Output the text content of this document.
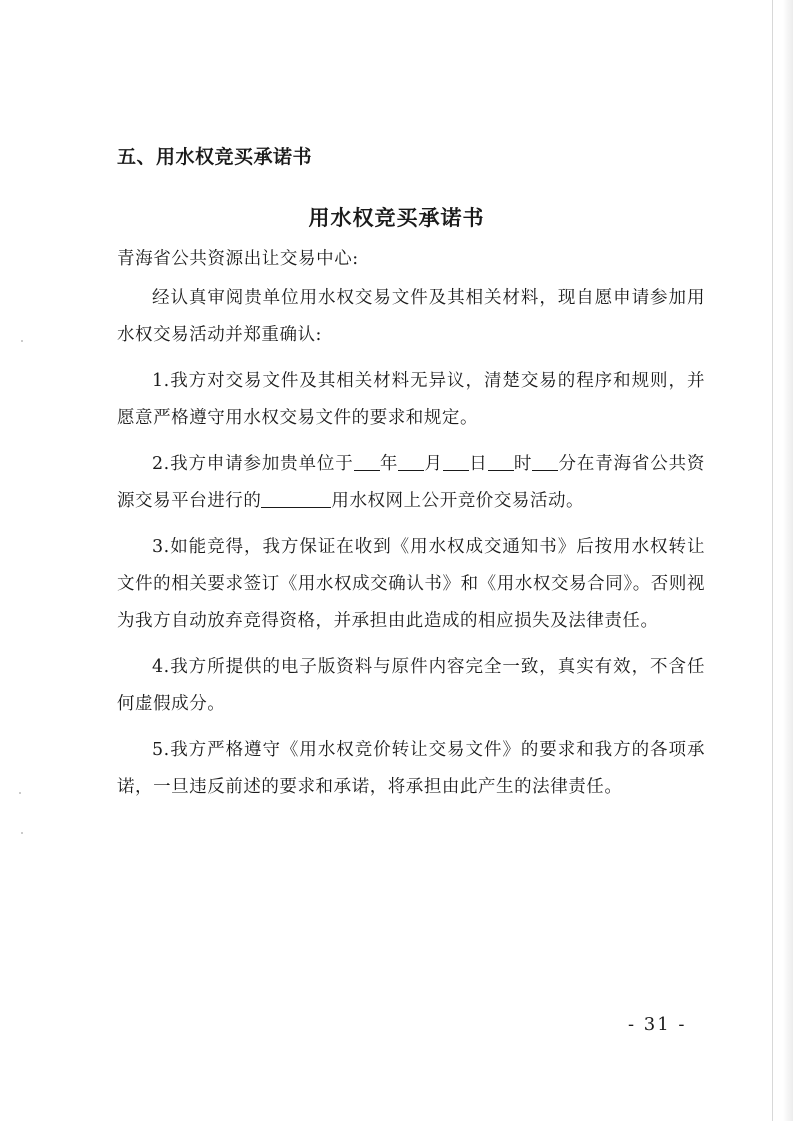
五、用水权竞买承诺书
用水权竞买承诺书
青海省公共资源出让交易中心:

经认真审阅贵单位用水权交易文件及其相关材料，现自愿申请参加用水权交易活动并郑重确认:

1.我方对交易文件及其相关材料无异议，清楚交易的程序和规则，并愿意严格遵守用水权交易文件的要求和规定。

2.我方申请参加贵单位于 年 月 日 时 分在青海省公共资源交易平台进行的	用水权网上公开竞价交易活动。

3.如能竞得，我方保证在收到《用水权成交通知书》后按用水权转让文件的相关要求签订《用水权成交确认书》和《用水权交易合同》。否则视为我方自动放弃竞得资格，并承担由此造成的相应损失及法律责任。

4.我方所提供的电子版资料与原件内容完全一致，真实有效，不含任何虚假成分。

5.我方严格遵守《用水权竞价转让交易文件》的要求和我方的各项承诺，一旦违反前述的要求和承诺，将承担由此产生的法律责任。

- 31 -
